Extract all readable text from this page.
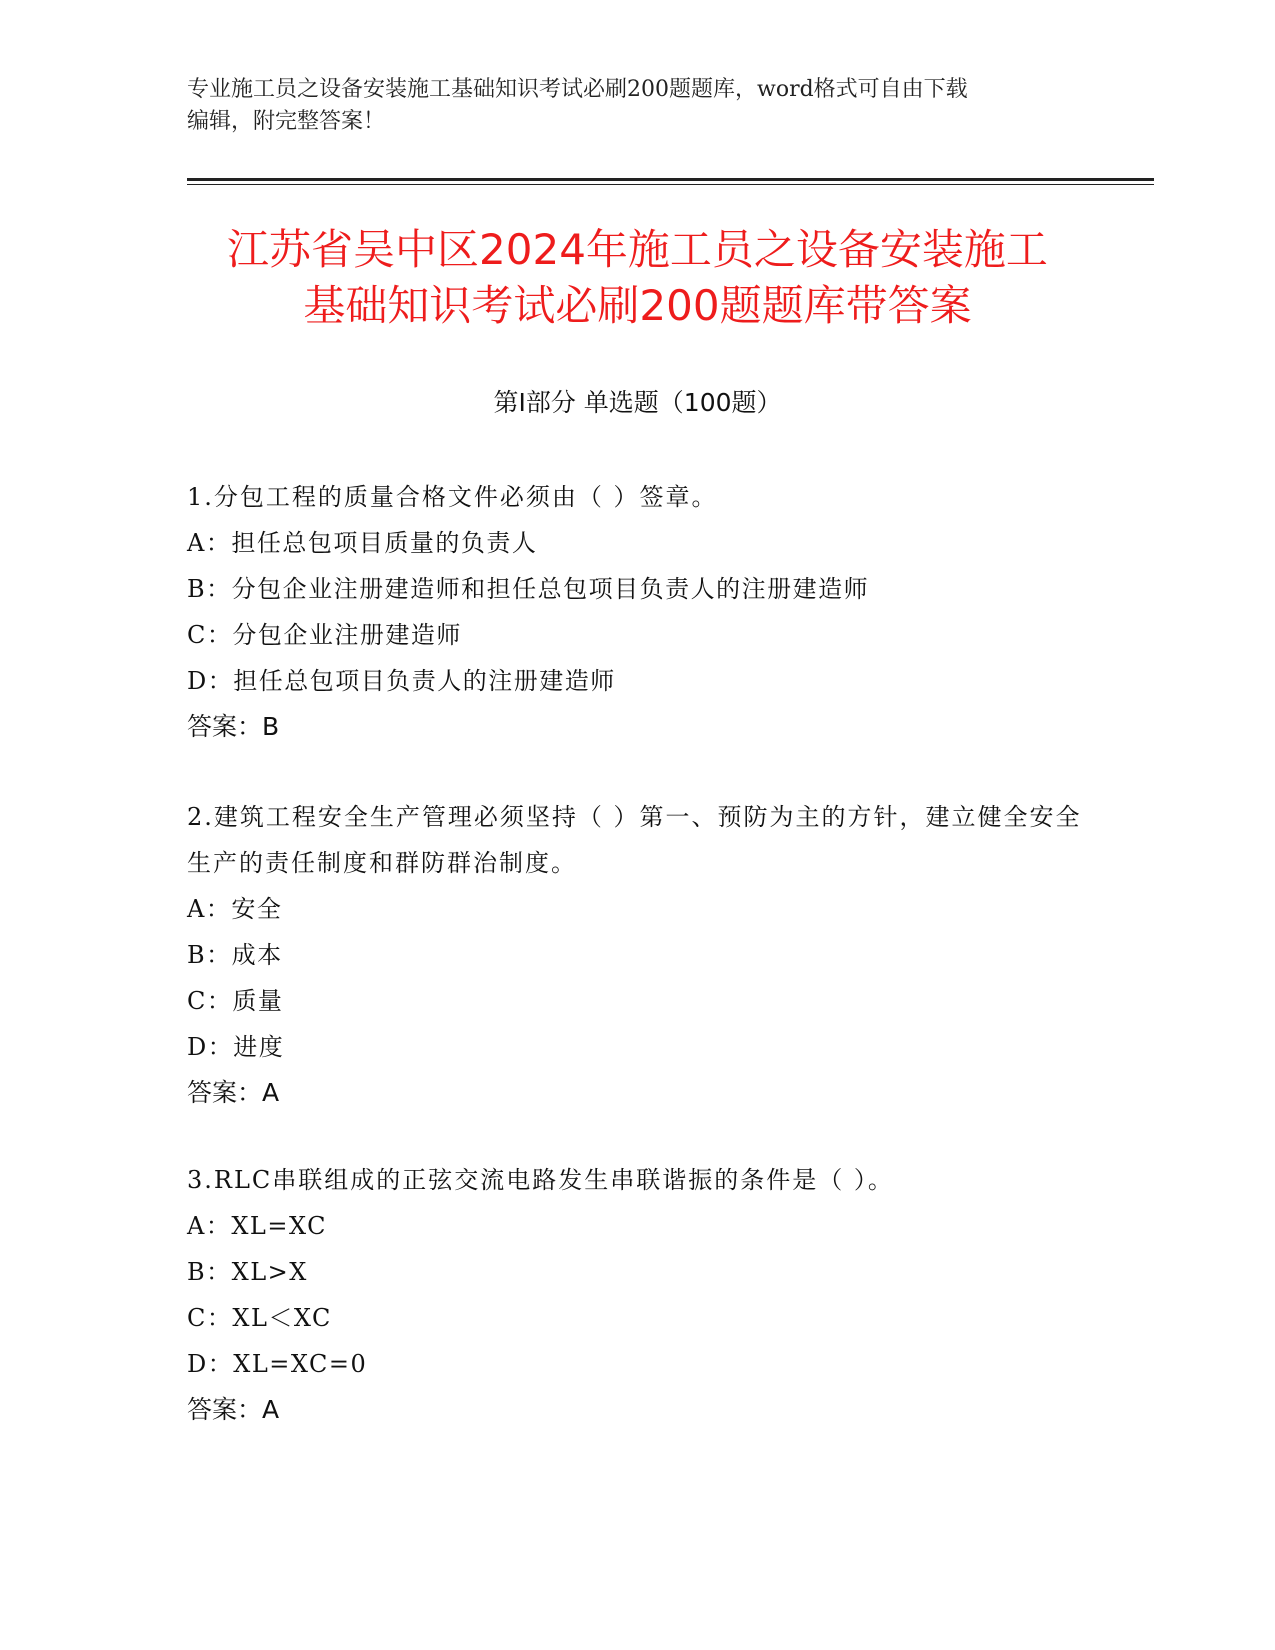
专业施工员之设备安装施工基础知识考试必刷200题题库，word格式可自由下载
编辑，附完整答案！
江苏省吴中区2024年施工员之设备安装施工
基础知识考试必刷200题题库带答案
第Ⅰ部分 单选题（100题）

1.分包工程的质量合格文件必须由（ ）签章。

A：担任总包项目质量的负责人

B：分包企业注册建造师和担任总包项目负责人的注册建造师

C：分包企业注册建造师

D：担任总包项目负责人的注册建造师

答案：B

2.建筑工程安全生产管理必须坚持（ ）第一、预防为主的方针，建立健全安全生产的责任制度和群防群治制度。

A：安全

B：成本

C：质量

D：进度

答案：A

3.RLC串联组成的正弦交流电路发生串联谐振的条件是（ ）。

A：XL=XC

B：XL>X

C：XL＜XC

D：XL=XC=0

答案：A
